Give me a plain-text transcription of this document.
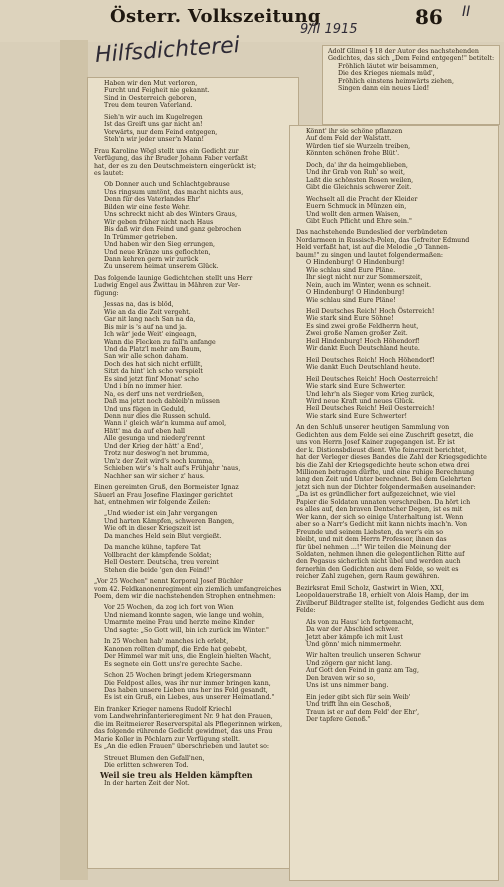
Österr. Volkszeitung	86 II
9/II 1915
Hilfsdichterei	Adolf Glimel § 18 der Autor des nachstehenden
Gedichtes, das sich „Dem Feind entgegen!" betitelt:
Fröhlich läutet wir beisammen,
Die des Krieges niemals müd',
Fröhlich einstens heimwärts ziehen,
Singen dann ein neues Lied!
Haben wir den Mut verloren,
Furcht und Feigheit nie gekannt.
Sind in Oesterreich geboren,
Treu dem teuren Vaterland.
Sieh'n wir auch im Kugelregen
Ist das Greift uns gar nicht an!
Vorwärts, nur dem Feind entgegen,
Steh'n wir jeder unser'n Mann!
Frau Karoline Wögl stellt uns ein Gedicht zur
Verfügung, das ihr Bruder Johann Faber verfaßt
hat, der es zu den Deutschmeistern eingerückt ist;
es lautet:
Ob Donner auch und Schlachtgebrause
Uns ringsum umtönt, das macht nichts aus,
Denn für des Vaterlandes Ehr'
Bilden wir eine feste Wehr.
Uns schreckt nicht ab des Winters Graus,
Wir geben früher nicht nach Haus
Bis daß wir den Feind und ganz gebrochen
In Trümmer getrieben.
Und haben wir den Sieg errungen,
Und neue Kränze uns geflochten,
Dann kehren gern wir zurück
Zu unserem heimat unserem Glück.
Das folgende launige Gedichtchen stellt uns Herr
Ludwig Engel aus Zwittau in Mähren zur Ver-
fügung:
Jessas na, das is blöd,
Wie an da die Zeit vergeht.
Gar nit lang nach San na da,
Bis mir is 's auf na und ja.
Ich wär' jede Weit' eingeagn,
Wann die Flecken zu fall'n anfange
Und da Platz'l mehr am Baum,
San wir alle schon daham.
Doch des hat sich nicht erfüllt,
Sitzt da hint' ich scho verspielt
Es sind jetzt fünf Monat' scho
Und i bin no immer hier.
Na, es derf uns net verdrießen,
Daß ma jetzt noch dableib'n müssen
Und uns fügen in Geduld,
Denn nur dies die Russen schuld.
Wann i' gleich wär'n kumma auf amol,
Hätt' ma da auf eben hall
Alle gesunga und niederg'rennt
Und der Krieg der hätt' a End',
Trotz nur deswog'n net brumma,
Um'z der Zeit wird's noch kumma,
Schieben wir's 's halt auf's Frühjahr 'naus,
Nachher san wir sicher z' haus.
Einen gereimten Gruß, den Bormeister Ignaz
Säuerl an Frau Josefine Flaxinger gerichtet
hat, entnehmen wir folgende Zeilen:
„Und wieder ist ein Jahr vergangen
Und harten Kämpfen, schweren Bangen,
Wie oft in dieser Kriegszeit ist
Da manches Held sein Blut vergießt.
Da manche kühne, tapfere Tat
Vollbracht der kämpfende Soldat;
Hell Oesterr. Deutscha, treu vereint
Stehen die beide 'gen den Feind!"
„Vor 25 Wochen" nennt Korporal Josef Büchler
vom 42. Feldkanonenregiment ein ziemlich umfangreiches
Poem, dem wir die nachstehenden Strophen entnehmen:
Vor 25 Wochen, da zog ich fort von Wien
Und niemand konnte sagen, wie lange und wohin,
Umarmte meine Frau und herzte meine Kinder
Und sagte: „So Gott will, bin ich zurück im Winter."
In 25 Wochen hab' manches ich erlebt,
Kanonen rollten dumpf, die Erde hat gebebt,
Der Himmel war mit uns, die Englein hielten Wacht,
Es segnete ein Gott uns're gerechte Sache.
Schon 25 Wochen bringt jedem Kriegersmann
Die Feldpost alles, was ihr nur immer bringen kann,
Das haben unsere Lieben uns her ins Feld gesandt,
Es ist ein Gruß, ein Liebes, aus unserer Heimatland."
Ein franker Krieger namens Rudolf Kriechl
vom Landwehrinfanterieregiment Nr. 9 hat den Frauen,
die im Reitmeierer Reserverspital als Pflegerinnen wirken,
das folgende rührende Gedicht gewidmet, das uns Frau
Marie Koller in Pöchlarn zur Verfügung stellt.
Es „An die edlen Frauen" überschrieben und lautet so:
Streuet Blumen den Gefall'nen,
Die erlitten schweren Tod.
Weil sie treu als Helden kämpften
In der harten Zeit der Not.
Könnt' ihr sie schöne pflanzen
Auf dem Feld der Walstatt.
Würden tief sie Wurzeln treiben,
Könnten schönen frohe Blüt'.
Doch, da' ihr da heimgeblieben,
Und ihr Grab von Ruh' so weit,
Laßt die schönsten Rosen weilen,
Gibt die Gleichnis schwerer Zeit.
Wechselt all die Pracht der Kleider
Euern Schmuck in Münzen ein,
Und wollt den armen Waisen,
Gibt Euch Pflicht und Ehre sein."
Das nachstehende Bundeslied der verbündeten
Nordarmeen in Russisch-Polen, das Gefreiter Edmund
Held verfaßt hat, ist auf die Melodie „O Tannen-
baum!" zu singen und lautet folgendermaßen:
O Hindenburg! O Hindenburg!
Wie schlau sind Eure Pläne.
Ihr siegt nicht nur zur Sommerszeit,
Nein, auch im Winter, wenn es schneit.
O Hindenburg! O Hindenburg!
Wie schlau sind Eure Pläne!
Heil Deutsches Reich! Hoch Österreich!
Wie stark sind Eure Söhne!
Es sind zwei große Feldherrn heut,
Zwei große Namen großer Zeit.
Heil Hindenburg! Hoch Höhendorf!
Wir dankt Euch Deutschland heute.
Heil Deutsches Reich! Hoch Höhendorf!
Wie dankt Euch Deutschland heute.
Heil Deutsches Reich! Hoch Oesterreich!
Wie stark sind Eure Schwerter.
Und lehr'n als Sieger vom Krieg zurück,
Wird neue Kraft und neues Glück.
Heil Deutsches Reich! Heil Oesterreich!
Wie stark sind Eure Schwerter!
An den Schluß unserer heutigen Sammlung von
Gedichten aus dem Felde sei eine Zuschrift gesetzt, die
uns von Herrn Josef Kainer zugegangen ist. Er ist
der k. Distionsbdieust dient. Wie feinerzeit berichtet,
hat der Verleger dieses Bandes die Zahl der Kriegsgedichte
bis die Zahl der Kriegsgedichte heute schon etwa drei
Millionen betragen dürfte, und eine ruhige Berechnung
lang den Zeit und Unter berechnet. Bei dem Gelehrten
jetzt sich nun der Dichter folgendermaßen auseinander:
„Da ist es gründlicher fort aufgezeichnet, wie viel
Papier die Soldaten unnaten verschreiben. Da hört ich
es alles auf, den braven Dentscher Degen, ist es mit
Wer kann, der sich so einige Unterhaltung ist. Wenn
aber so a Narr's Gedicht mit kann nichts mach'n. Von
Freunde und seinem Liebsten, da wer's ein so
bleibt, und mit dem Herrn Professor, ihnen das
für übel nehmen ...!" Wir teilen die Meinung der
Soldaten, nehmen ihnen die gelegentlichen Ritte auf
den Pegasus sicherlich nicht übel und werden auch
fernerhin den Gedichten aus dem Felde, so weit es
reicher Zahl zugehen, gern Raum gewähren.
Bezirksrat Emil Scholz, Gastwirt in Wien, XXI,
Leopoldauerstraße 18, erhielt von Alois Hamp, der im
Zivilberuf Bildtrager stellte ist, folgendes Gedicht aus dem
Felde:
Als von zu Haus' ich fortgemacht,
Da war der Abschied schwer.
Jetzt aber kämpfe ich mit Lust
Und gönn' mich nimmermehr.
Wir halten treulich unseren Schwur
Und zögern gar nicht lang.
Auf Gott den Feind in ganz am Tag,
Den braven wir so so,
Uns ist uns nimmer bang.
Ein jeder gibt sich für sein Weib'
Und trifft ihn ein Geschoß,
Traun ist er auf dem Feld' der Ehr',
Der tapfere Genoß."
